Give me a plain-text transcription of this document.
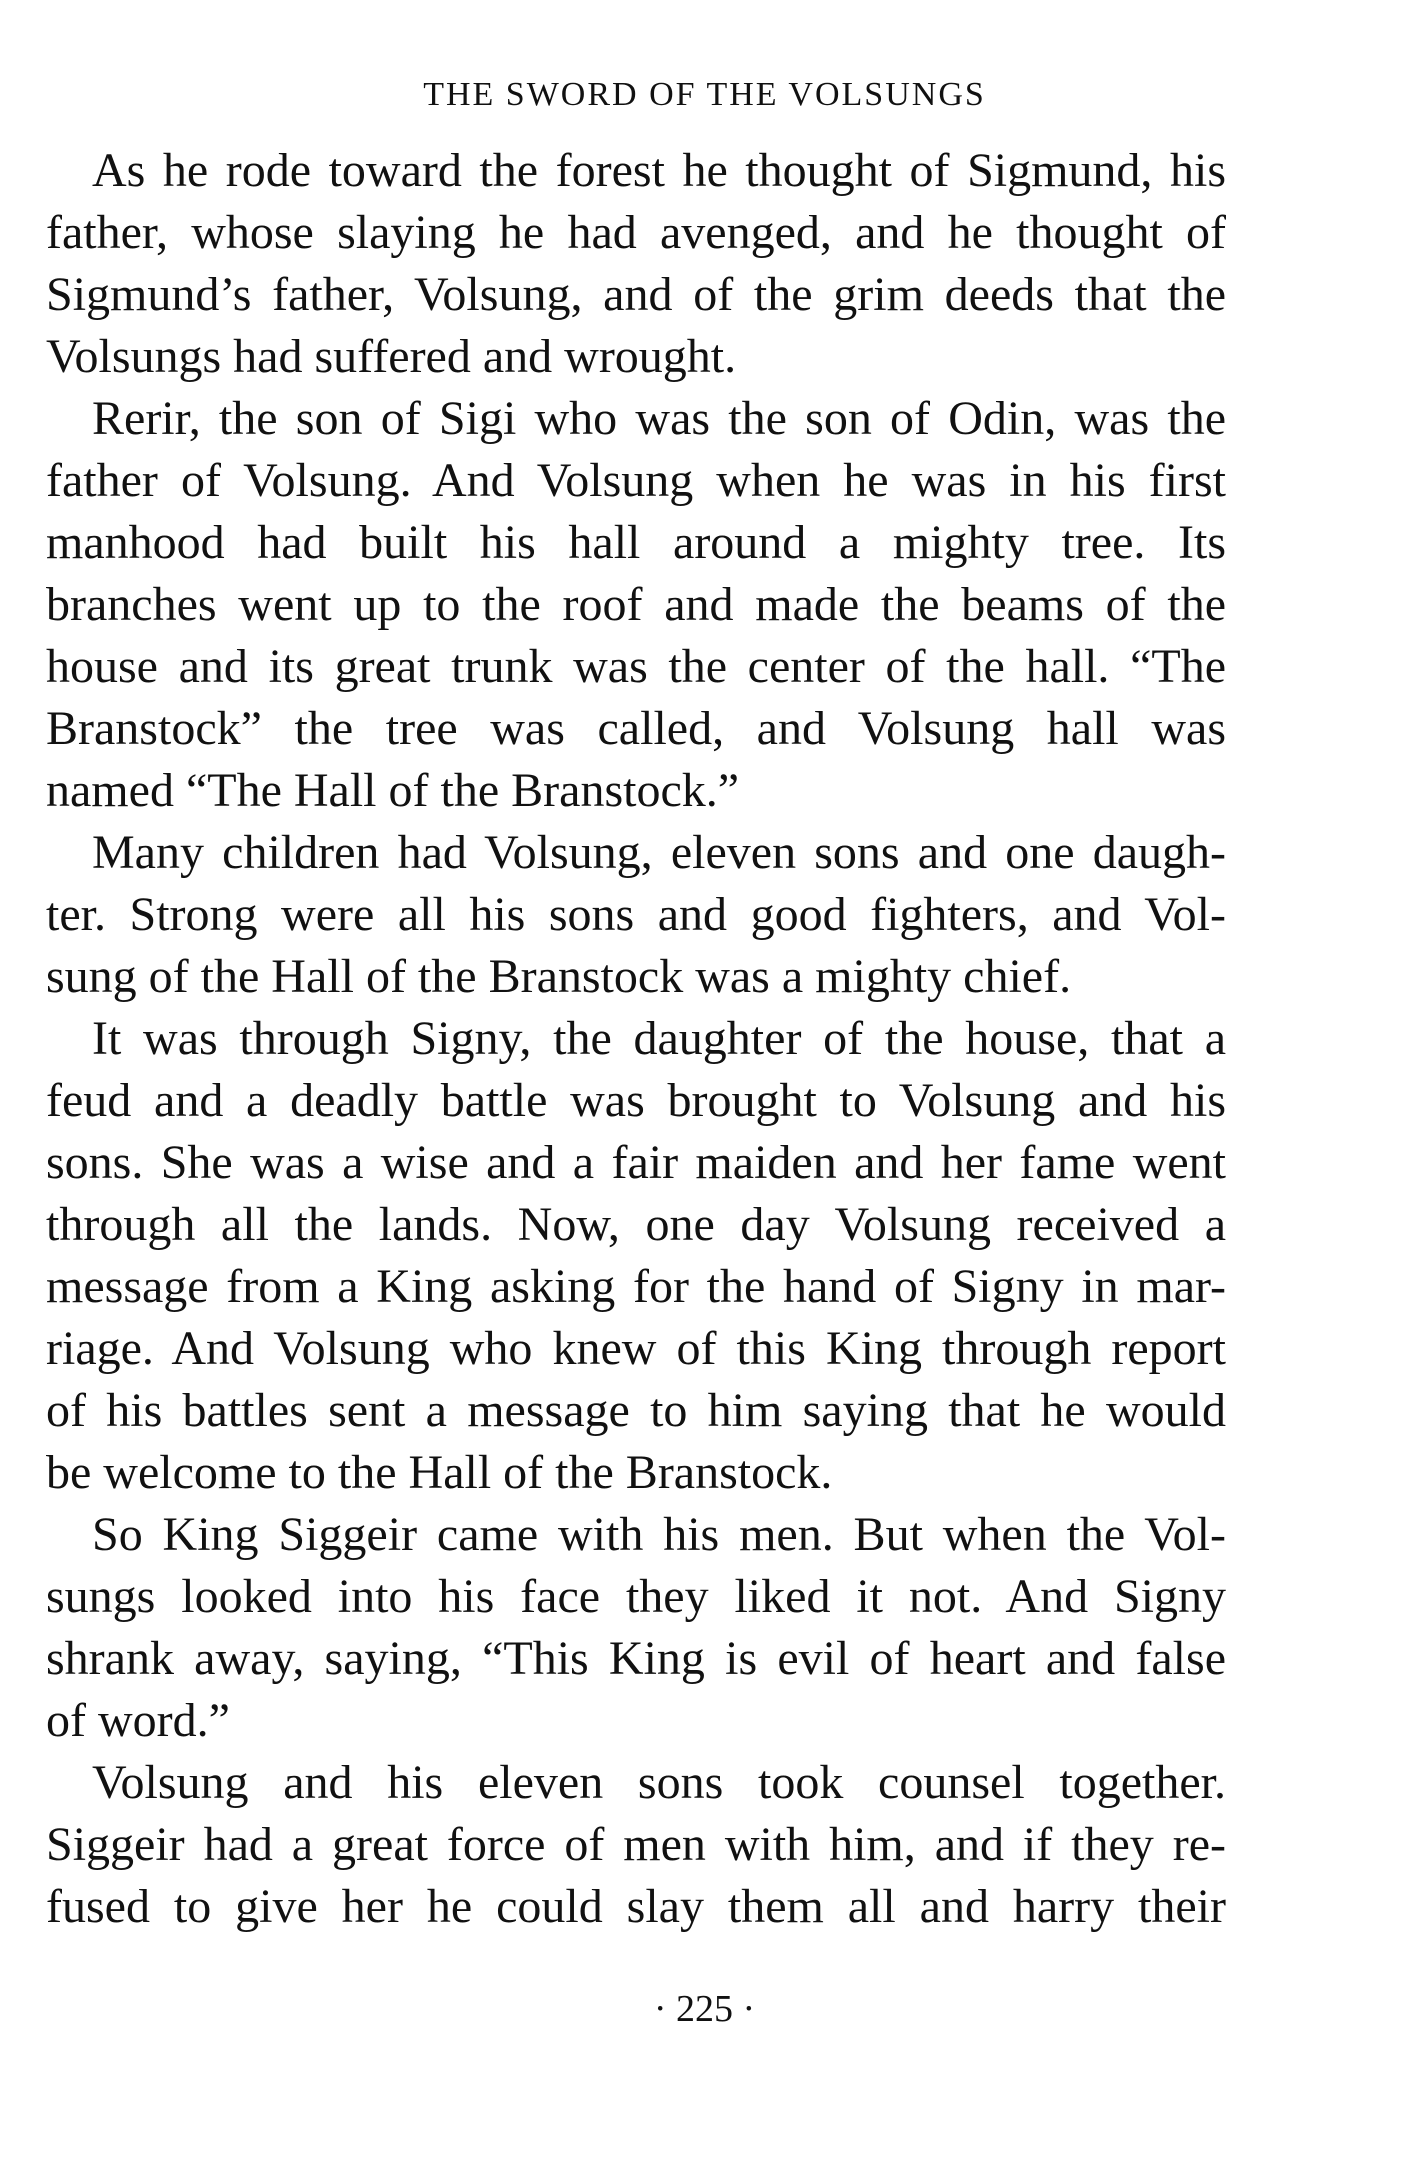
THE SWORD OF THE VOLSUNGS
As he rode toward the forest he thought of Sigmund, his
father, whose slaying he had avenged, and he thought of
Sigmund’s father, Volsung, and of the grim deeds that the
Volsungs had suffered and wrought.
Rerir, the son of Sigi who was the son of Odin, was the
father of Volsung. And Volsung when he was in his first
manhood had built his hall around a mighty tree. Its
branches went up to the roof and made the beams of the
house and its great trunk was the center of the hall. “The
Branstock” the tree was called, and Volsung hall was
named “The Hall of the Branstock.”
Many children had Volsung, eleven sons and one daugh-
ter. Strong were all his sons and good fighters, and Vol-
sung of the Hall of the Branstock was a mighty chief.
It was through Signy, the daughter of the house, that a
feud and a deadly battle was brought to Volsung and his
sons. She was a wise and a fair maiden and her fame went
through all the lands. Now, one day Volsung received a
message from a King asking for the hand of Signy in mar-
riage. And Volsung who knew of this King through report
of his battles sent a message to him saying that he would
be welcome to the Hall of the Branstock.
So King Siggeir came with his men. But when the Vol-
sungs looked into his face they liked it not. And Signy
shrank away, saying, “This King is evil of heart and false
of word.”
Volsung and his eleven sons took counsel together.
Siggeir had a great force of men with him, and if they re-
fused to give her he could slay them all and harry their
· 225 ·
